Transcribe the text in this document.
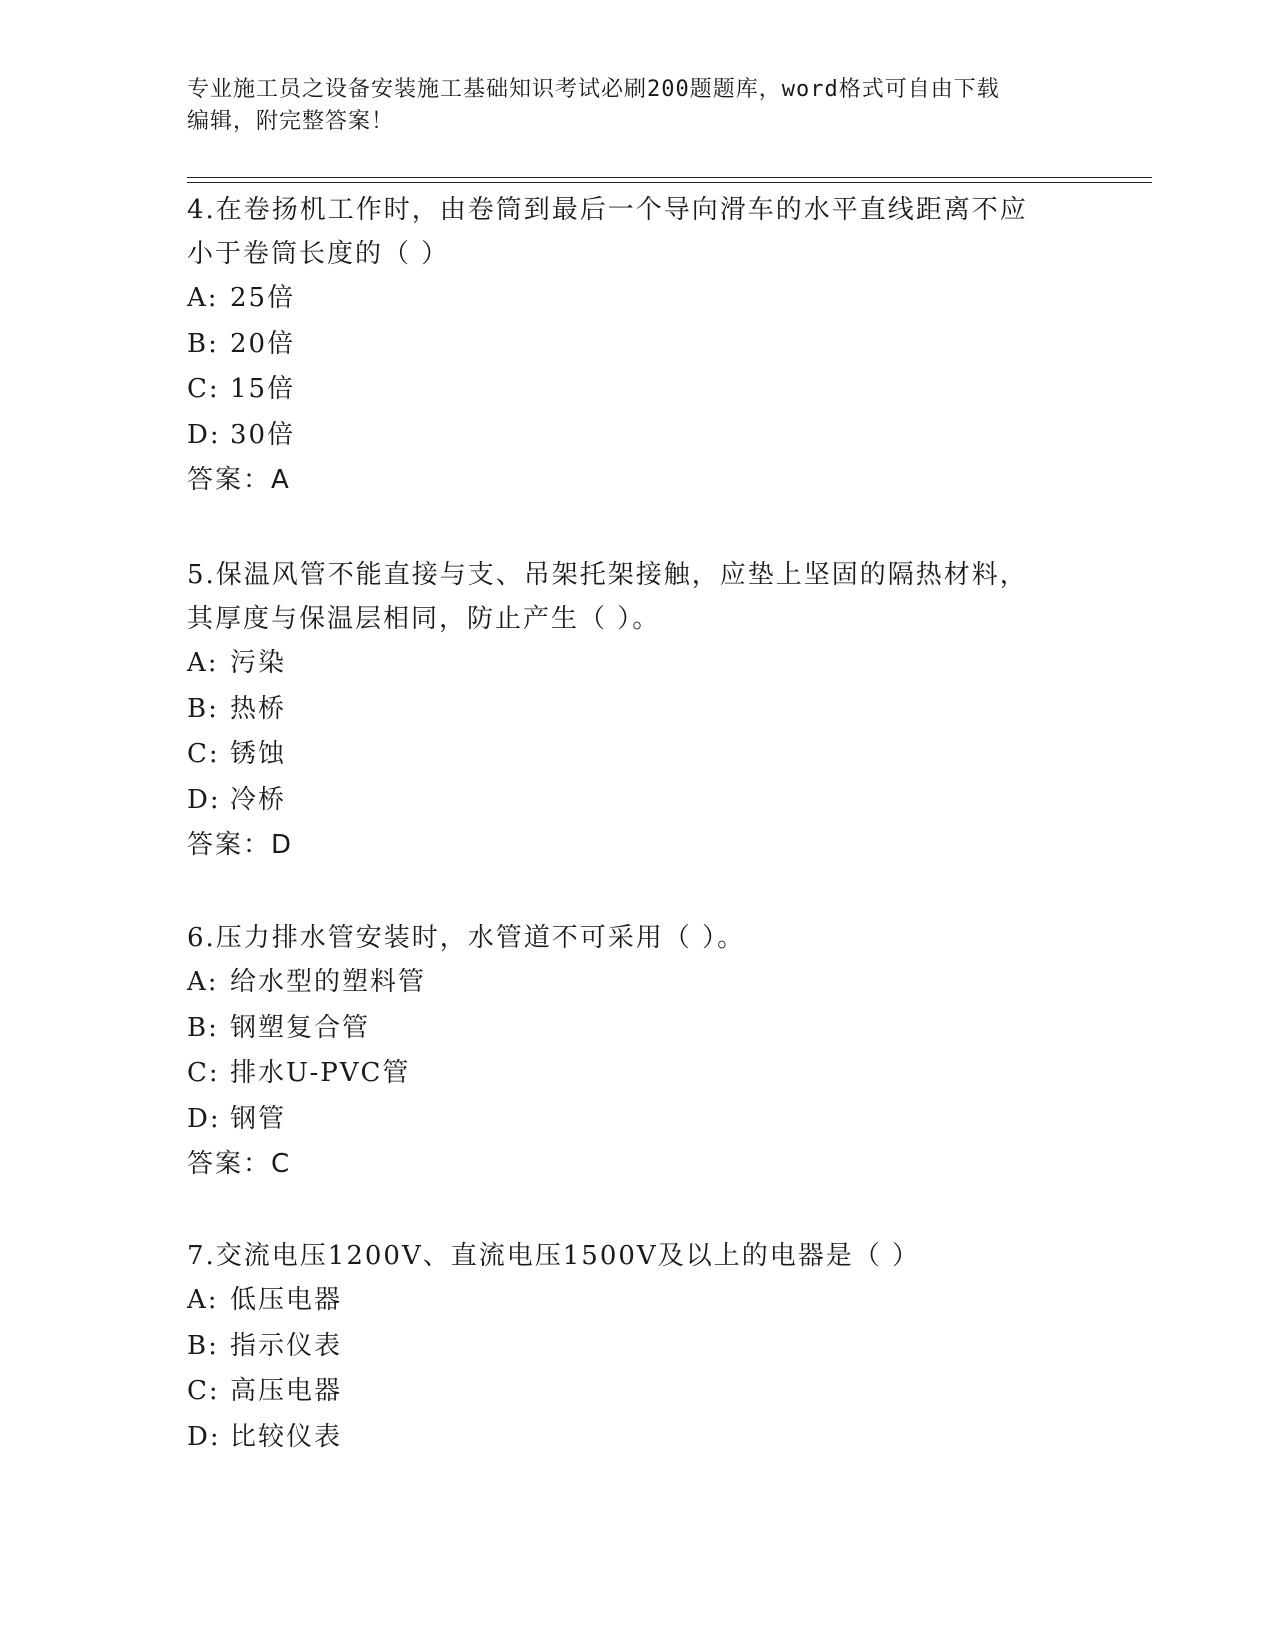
专业施工员之设备安装施工基础知识考试必刷200题题库，word格式可自由下载
编辑，附完整答案！

4.在卷扬机工作时，由卷筒到最后一个导向滑车的水平直线距离不应

小于卷筒长度的（ ）

A: 25倍

B: 20倍

C: 15倍

D: 30倍

答案：A

5.保温风管不能直接与支、吊架托架接触，应垫上坚固的隔热材料，

其厚度与保温层相同，防止产生（ ）。

A: 污染

B: 热桥

C: 锈蚀

D: 冷桥

答案：D

6.压力排水管安装时，水管道不可采用（ ）。

A: 给水型的塑料管

B: 钢塑复合管

C: 排水U-PVC管

D: 钢管

答案：C

7.交流电压1200V、直流电压1500V及以上的电器是（ ）

A: 低压电器

B: 指示仪表

C: 高压电器

D: 比较仪表
